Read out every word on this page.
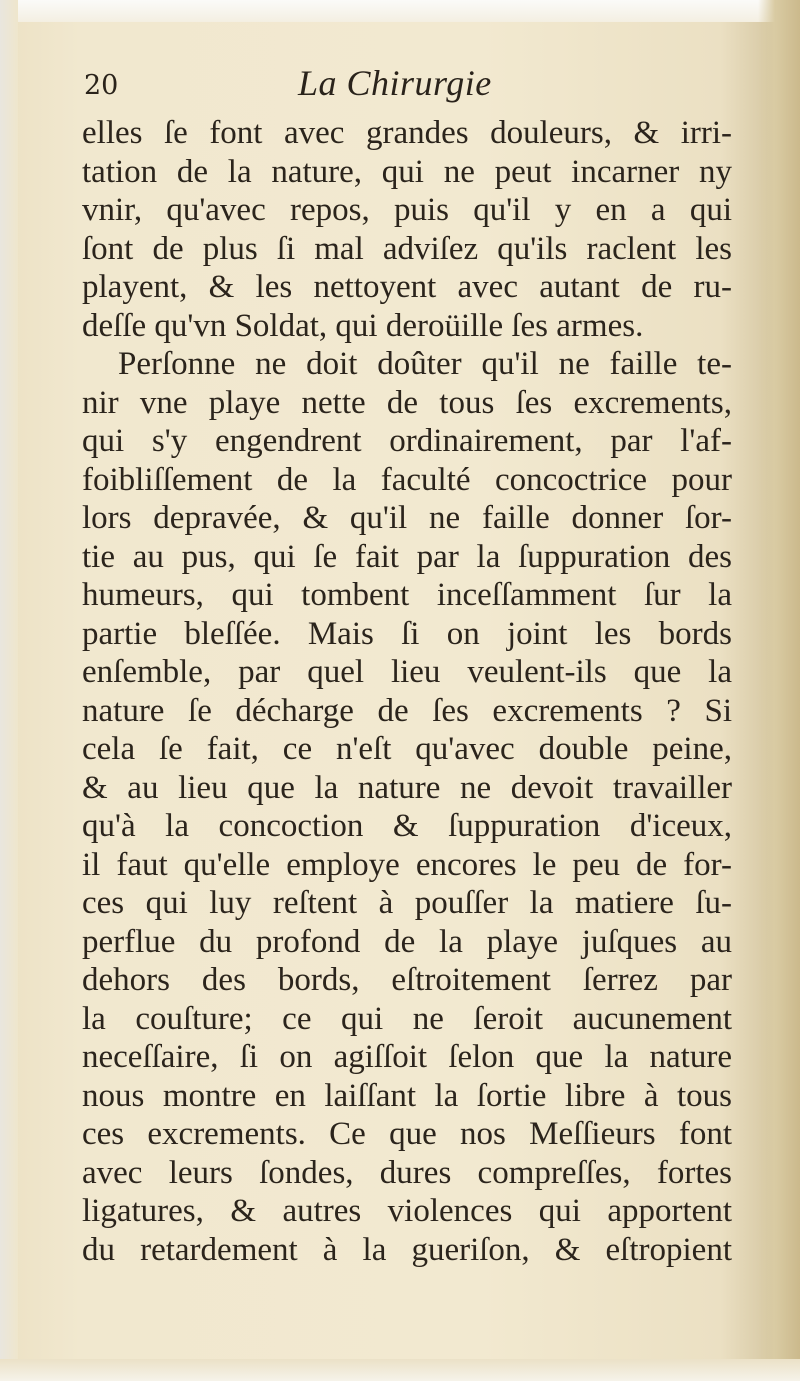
20	La Chirurgie
elles ſe font avec grandes douleurs, & irri-
tation de la nature, qui ne peut incarner ny
vnir, qu'avec repos, puis qu'il y en a qui
ſont de plus ſi mal adviſez qu'ils raclent les
playent, & les nettoyent avec autant de ru-
deſſe qu'vn Soldat, qui deroüille ſes armes.
Perſonne ne doit doûter qu'il ne faille te-
nir vne playe nette de tous ſes excrements,
qui s'y engendrent ordinairement, par l'af-
foibliſſement de la faculté concoctrice pour
lors depravée, & qu'il ne faille donner ſor-
tie au pus, qui ſe fait par la ſuppuration des
humeurs, qui tombent inceſſamment ſur la
partie bleſſée. Mais ſi on joint les bords
enſemble, par quel lieu veulent-ils que la
nature ſe décharge de ſes excrements ? Si
cela ſe fait, ce n'eſt qu'avec double peine,
& au lieu que la nature ne devoit travailler
qu'à la concoction & ſuppuration d'iceux,
il faut qu'elle employe encores le peu de for-
ces qui luy reſtent à pouſſer la matiere ſu-
perflue du profond de la playe juſques au
dehors des bords, eſtroitement ſerrez par
la couſture; ce qui ne ſeroit aucunement
neceſſaire, ſi on agiſſoit ſelon que la nature
nous montre en laiſſant la ſortie libre à tous
ces excrements. Ce que nos Meſſieurs font
avec leurs ſondes, dures compreſſes, fortes
ligatures, & autres violences qui apportent
du retardement à la gueriſon, & eſtropient
